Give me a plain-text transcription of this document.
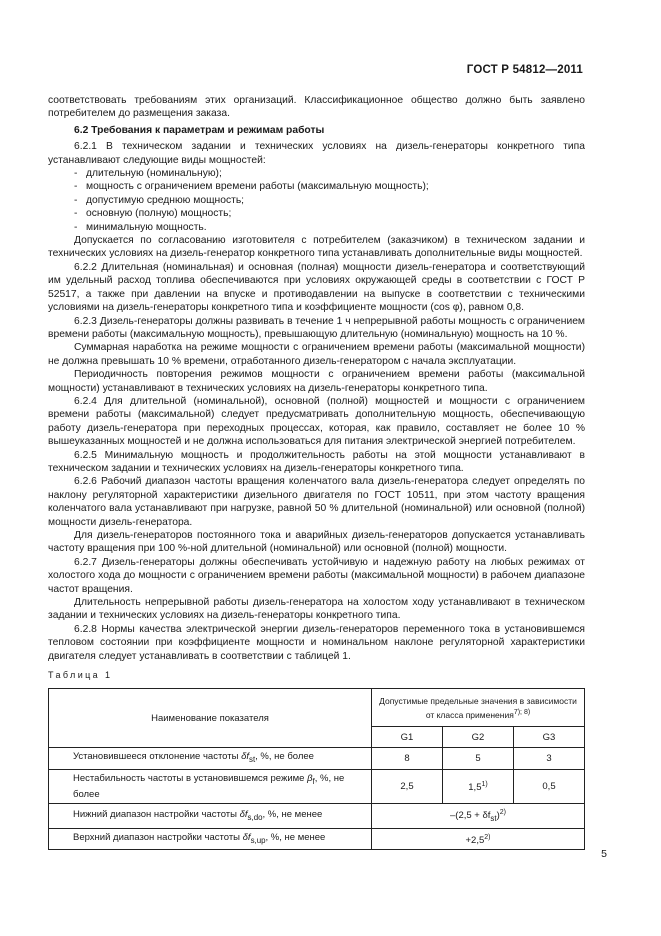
ГОСТ Р 54812—2011

соответствовать требованиям этих организаций. Классификационное общество должно быть заявлено потребителем до размещения заказа.

6.2 Требования к параметрам и режимам работы

6.2.1 В техническом задании и технических условиях на дизель-генераторы конкретного типа устанавливают следующие виды мощностей:

- длительную (номинальную);
- мощность с ограничением времени работы (максимальную мощность);
- допустимую среднюю мощность;
- основную (полную) мощность;
- минимальную мощность.

Допускается по согласованию изготовителя с потребителем (заказчиком) в техническом задании и технических условиях на дизель-генератор конкретного типа устанавливать дополнительные виды мощностей.

6.2.2 Длительная (номинальная) и основная (полная) мощности дизель-генератора и соответствующий им удельный расход топлива обеспечиваются при условиях окружающей среды в соответствии с ГОСТ Р 52517, а также при давлении на впуске и противодавлении на выпуске в соответствии с техническими условиями на дизель-генераторы конкретного типа и коэффициенте мощности (cos φ), равном 0,8.

6.2.3 Дизель-генераторы должны развивать в течение 1 ч непрерывной работы мощность с ограничением времени работы (максимальную мощность), превышающую длительную (номинальную) мощность на 10 %.

Суммарная наработка на режиме мощности с ограничением времени работы (максимальной мощности) не должна превышать 10 % времени, отработанного дизель-генератором с начала эксплуатации.

Периодичность повторения режимов мощности с ограничением времени работы (максимальной мощности) устанавливают в технических условиях на дизель-генераторы конкретного типа.

6.2.4 Для длительной (номинальной), основной (полной) мощностей и мощности с ограничением времени работы (максимальной) следует предусматривать дополнительную мощность, обеспечивающую работу дизель-генератора при переходных процессах, которая, как правило, составляет не более 10 % вышеуказанных мощностей и не должна использоваться для питания электрической энергией потребителем.

6.2.5 Минимальную мощность и продолжительность работы на этой мощности устанавливают в техническом задании и технических условиях на дизель-генераторы конкретного типа.

6.2.6 Рабочий диапазон частоты вращения коленчатого вала дизель-генератора следует определять по наклону регуляторной характеристики дизельного двигателя по ГОСТ 10511, при этом частоту вращения коленчатого вала устанавливают при нагрузке, равной 50 % длительной (номинальной) или основной (полной) мощности дизель-генератора.

Для дизель-генераторов постоянного тока и аварийных дизель-генераторов допускается устанавливать частоту вращения при 100 %-ной длительной (номинальной) или основной (полной) мощности.

6.2.7 Дизель-генераторы должны обеспечивать устойчивую и надежную работу на любых режимах от холостого хода до мощности с ограничением времени работы (максимальной мощности) в рабочем диапазоне частот вращения.

Длительность непрерывной работы дизель-генератора на холостом ходу устанавливают в техническом задании и технических условиях на дизель-генераторы конкретного типа.

6.2.8 Нормы качества электрической энергии дизель-генераторов переменного тока в установившемся тепловом состоянии при коэффициенте мощности и номинальном наклоне регуляторной характеристики двигателя следует устанавливать в соответствии с таблицей 1.

Таблица 1
Наименование показателя	Допустимые предельные значения в зависимости от класса применения$^{7); 8)}$
	G1	G2	G3
Установившееся отклонение частоты $\delta f_{st}$, %, не более	8	5	3
Нестабильность частоты в установившемся режиме $\beta_f$, %, не более	2,5	1,5$^{1)}$	0,5
Нижний диапазон настройки частоты $\delta f_{s,do}$, %, не менее	$-(2,5 + \delta f_{st})^{2)}$
Верхний диапазон настройки частоты $\delta f_{s,up}$, %, не менее	$+2,5^{2)}$
5
